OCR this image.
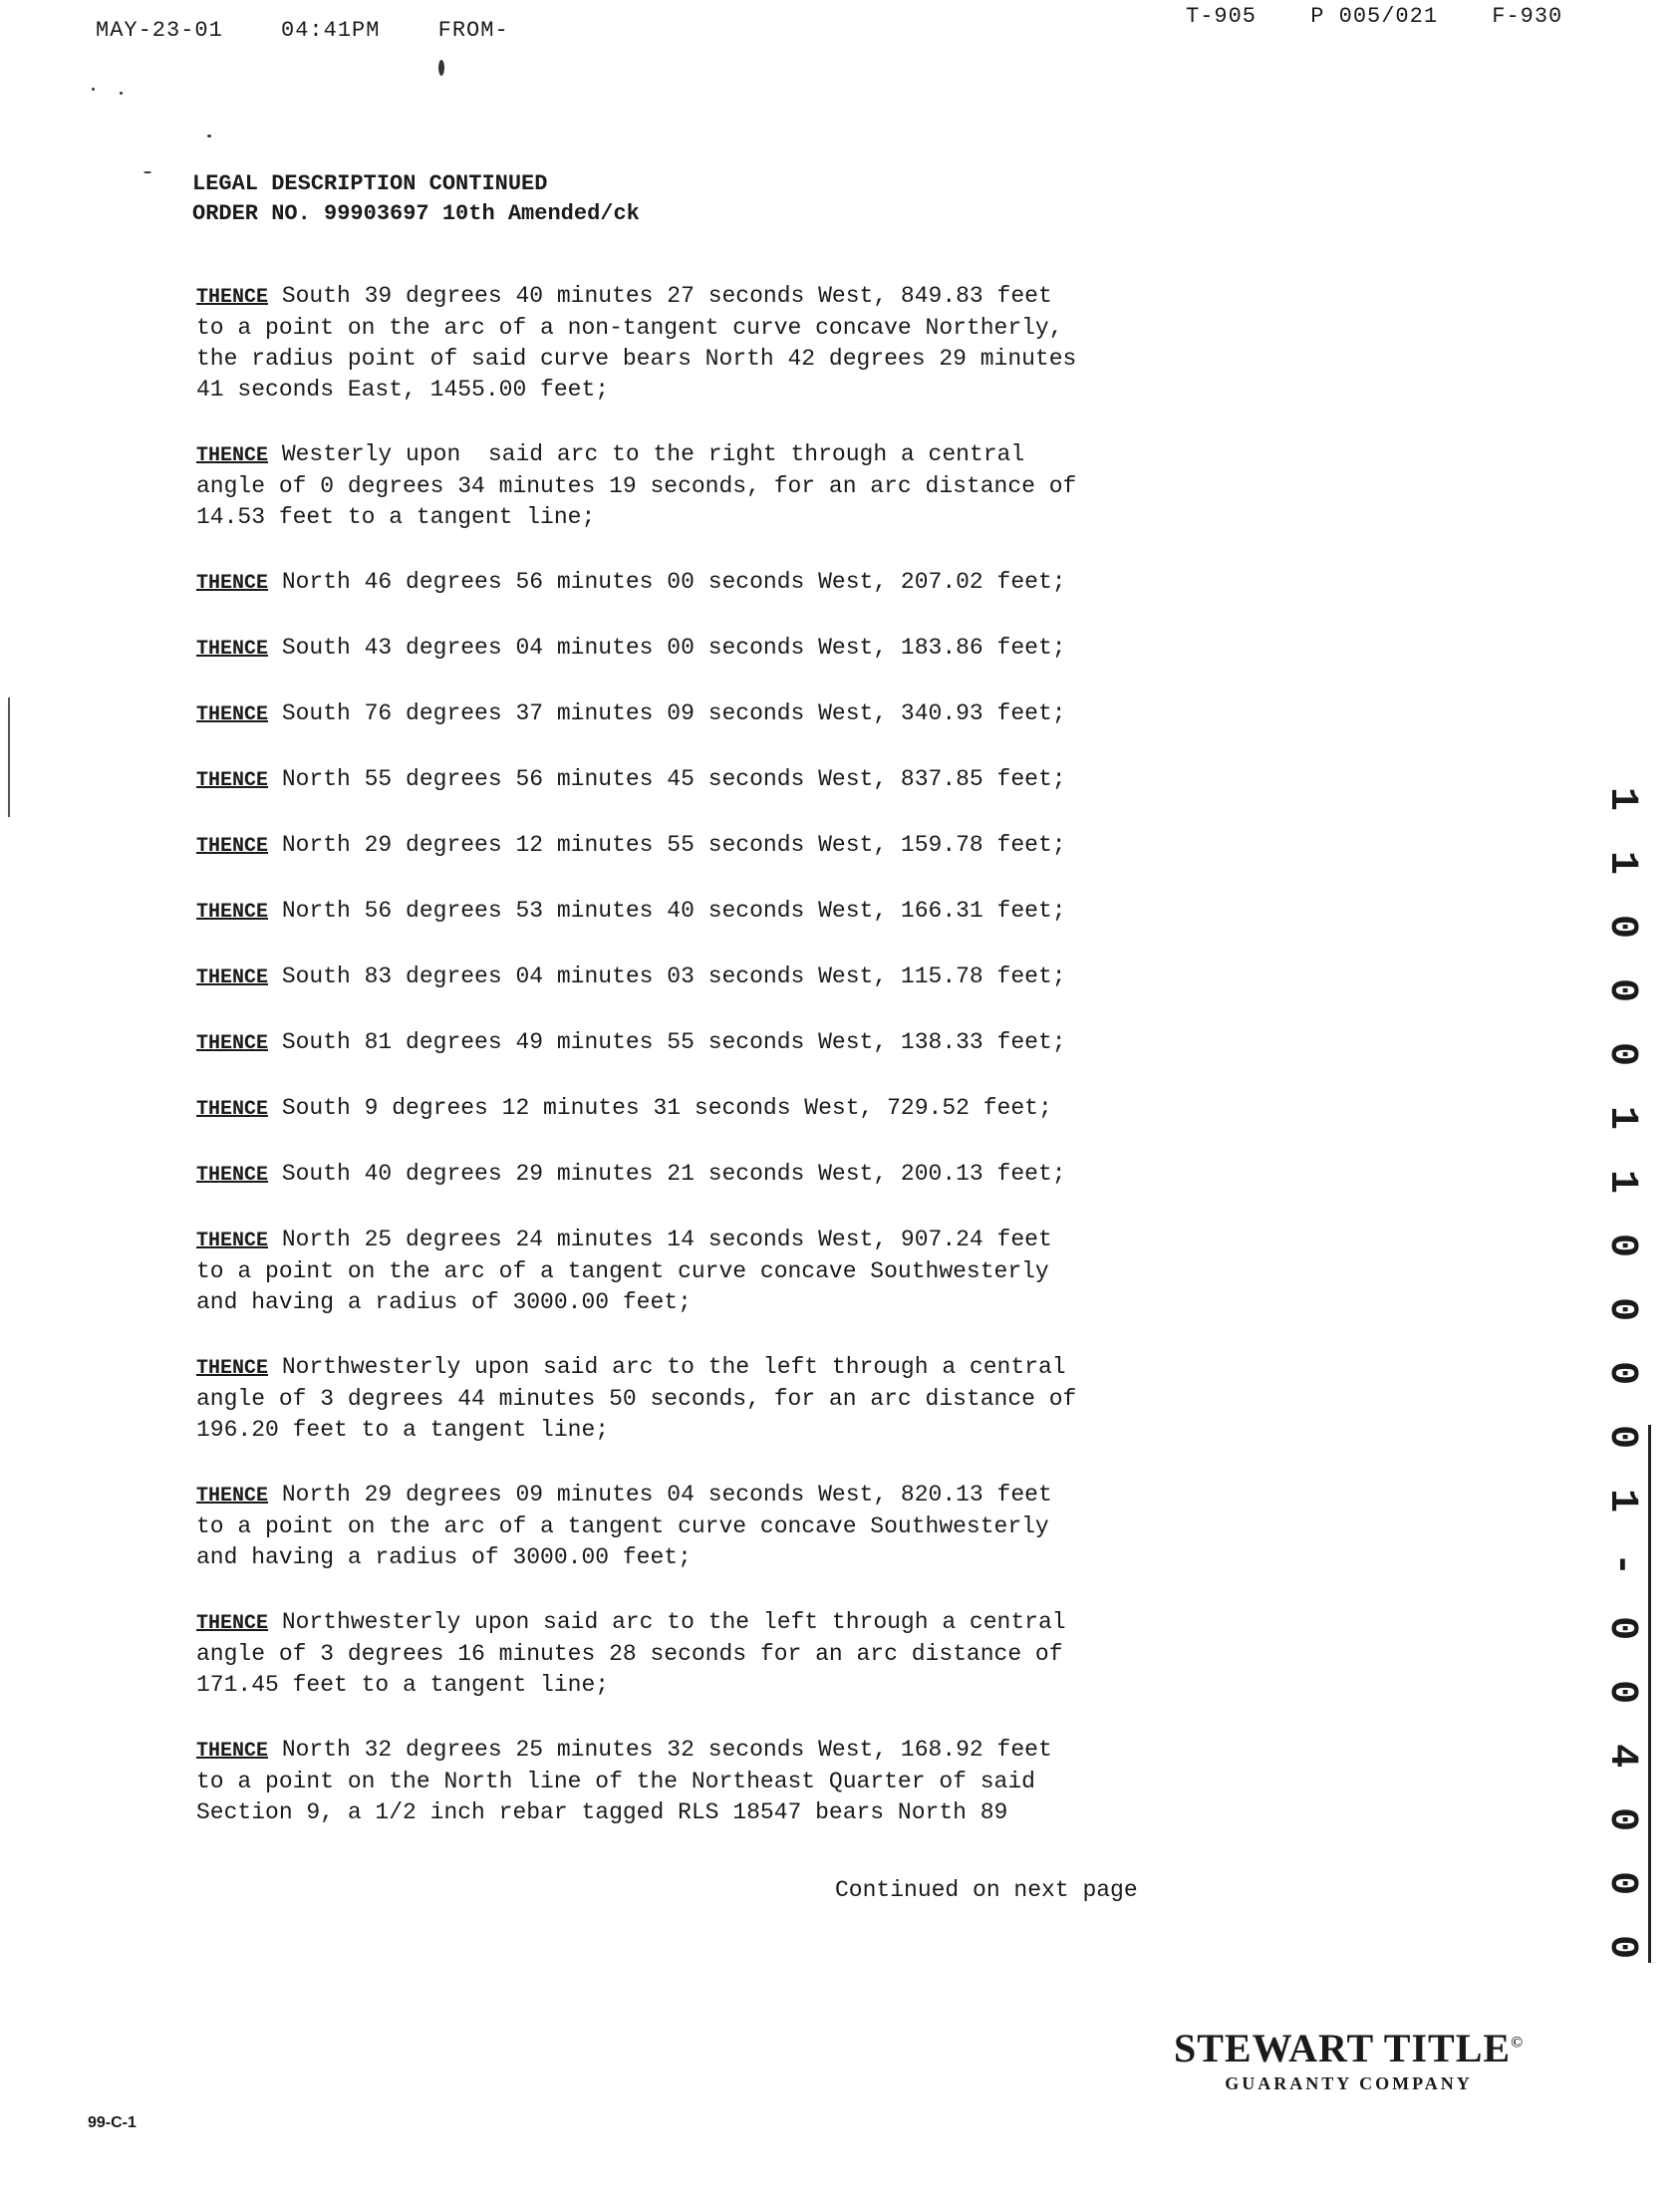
MAY-23-01	04:41PM	FROM-
T-905 P 005/021 F-930
LEGAL DESCRIPTION CONTINUED
ORDER NO. 99903697 10th Amended/ck
THENCE South 39 degrees 40 minutes 27 seconds West, 849.83 feet
to a point on the arc of a non-tangent curve concave Northerly,
the radius point of said curve bears North 42 degrees 29 minutes
41 seconds East, 1455.00 feet;
THENCE Westerly upon  said arc to the right through a central
angle of 0 degrees 34 minutes 19 seconds, for an arc distance of
14.53 feet to a tangent line;
THENCE North 46 degrees 56 minutes 00 seconds West, 207.02 feet;
THENCE South 43 degrees 04 minutes 00 seconds West, 183.86 feet;
THENCE South 76 degrees 37 minutes 09 seconds West, 340.93 feet;
THENCE North 55 degrees 56 minutes 45 seconds West, 837.85 feet;
THENCE North 29 degrees 12 minutes 55 seconds West, 159.78 feet;
THENCE North 56 degrees 53 minutes 40 seconds West, 166.31 feet;
THENCE South 83 degrees 04 minutes 03 seconds West, 115.78 feet;
THENCE South 81 degrees 49 minutes 55 seconds West, 138.33 feet;
THENCE South 9 degrees 12 minutes 31 seconds West, 729.52 feet;
THENCE South 40 degrees 29 minutes 21 seconds West, 200.13 feet;
THENCE North 25 degrees 24 minutes 14 seconds West, 907.24 feet
to a point on the arc of a tangent curve concave Southwesterly
and having a radius of 3000.00 feet;
THENCE Northwesterly upon said arc to the left through a central
angle of 3 degrees 44 minutes 50 seconds, for an arc distance of
196.20 feet to a tangent line;
THENCE North 29 degrees 09 minutes 04 seconds West, 820.13 feet
to a point on the arc of a tangent curve concave Southwesterly
and having a radius of 3000.00 feet;
THENCE Northwesterly upon said arc to the left through a central
angle of 3 degrees 16 minutes 28 seconds for an arc distance of
171.45 feet to a tangent line;
THENCE North 32 degrees 25 minutes 32 seconds West, 168.92 feet
to a point on the North line of the Northeast Quarter of said
Section 9, a 1/2 inch rebar tagged RLS 18547 bears North 89
Continued on next page
STEWART TITLE©
GUARANTY COMPANY
99-C-1
1 1 0 0 0 1 1 0 0 0 0 1 - 0 0 4 0 0 0
